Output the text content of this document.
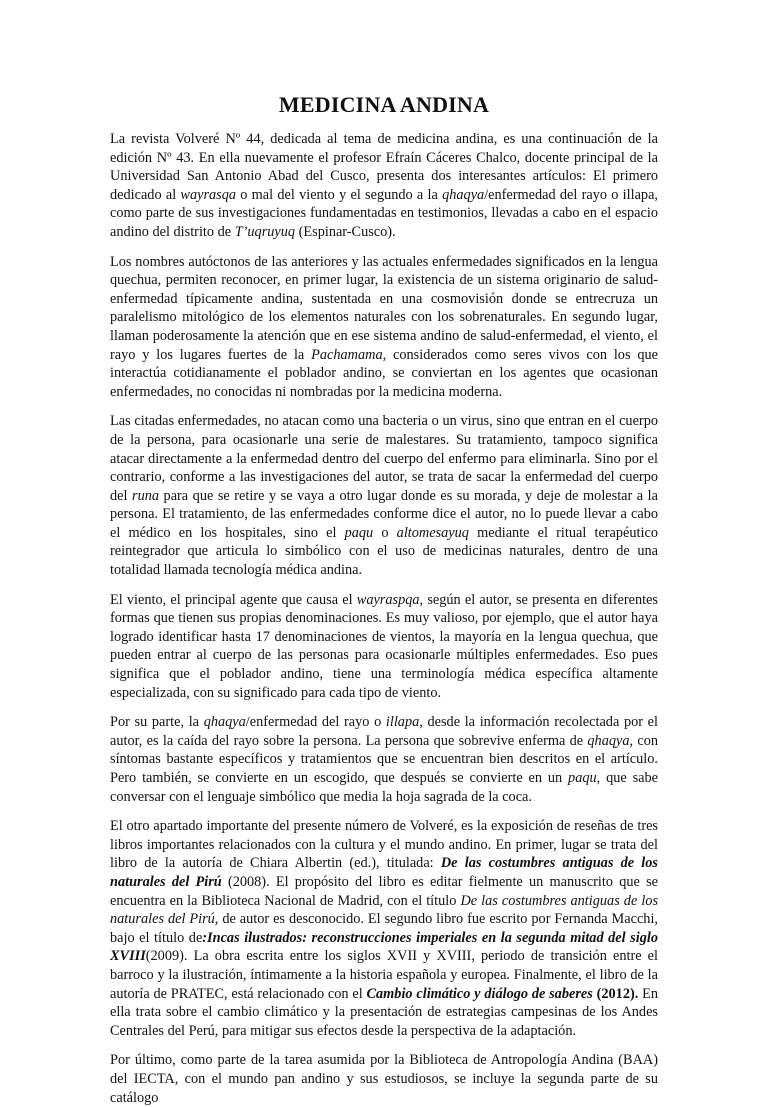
MEDICINA ANDINA

La revista Volveré Nº 44, dedicada al tema de medicina andina, es una continuación de la edición Nº 43. En ella nuevamente el profesor Efraín Cáceres Chalco, docente principal de la Universidad San Antonio Abad del Cusco, presenta dos interesantes artículos: El primero dedicado al wayrasqa o mal del viento y el segundo a la qhaqya/enfermedad del rayo o illapa, como parte de sus investigaciones fundamentadas en testimonios, llevadas a cabo en el espacio andino del distrito de T’uqruyuq (Espinar-Cusco).

Los nombres autóctonos de las anteriores y las actuales enfermedades significados en la lengua quechua, permiten reconocer, en primer lugar, la existencia de un sistema originario de salud-enfermedad típicamente andina, sustentada en una cosmovisión donde se entrecruza un paralelismo mitológico de los elementos naturales con los sobrenaturales. En segundo lugar, llaman poderosamente la atención que en ese sistema andino de salud-enfermedad, el viento, el rayo y los lugares fuertes de la Pachamama, considerados como seres vivos con los que interactúa cotidianamente el poblador andino, se conviertan en los agentes que ocasionan enfermedades, no conocidas ni nombradas por la medicina moderna.

Las citadas enfermedades, no atacan como una bacteria o un virus, sino que entran en el cuerpo de la persona, para ocasionarle una serie de malestares. Su tratamiento, tampoco significa atacar directamente a la enfermedad dentro del cuerpo del enfermo para eliminarla. Sino por el contrario, conforme a las investigaciones del autor, se trata de sacar la enfermedad del cuerpo del runa para que se retire y se vaya a otro lugar donde es su morada, y deje de molestar a la persona. El tratamiento, de las enfermedades conforme dice el autor, no lo puede llevar a cabo el médico en los hospitales, sino el paqu o altomesayuq mediante el ritual terapéutico reintegrador que articula lo simbólico con el uso de medicinas naturales, dentro de una totalidad llamada tecnología médica andina.

El viento, el principal agente que causa el wayraspqa, según el autor, se presenta en diferentes formas que tienen sus propias denominaciones. Es muy valioso, por ejemplo, que el autor haya logrado identificar hasta 17 denominaciones de vientos, la mayoría en la lengua quechua, que pueden entrar al cuerpo de las personas para ocasionarle múltiples enfermedades. Eso pues significa que el poblador andino, tiene una terminología médica específica altamente especializada, con su significado para cada tipo de viento.

Por su parte, la qhaqya/enfermedad del rayo o illapa, desde la información recolectada por el autor, es la caída del rayo sobre la persona. La persona que sobrevive enferma de qhaqya, con síntomas bastante específicos y tratamientos que se encuentran bien descritos en el artículo. Pero también, se convierte en un escogido, que después se convierte en un paqu, que sabe conversar con el lenguaje simbólico que media la hoja sagrada de la coca.

El otro apartado importante del presente número de Volveré, es la exposición de reseñas de tres libros importantes relacionados con la cultura y el mundo andino. En primer, lugar se trata del libro de la autoría de Chiara Albertin (ed.), titulada: De las costumbres antiguas de los naturales del Pirú (2008). El propósito del libro es editar fielmente un manuscrito que se encuentra en la Biblioteca Nacional de Madrid, con el título De las costumbres antiguas de los naturales del Pirú, de autor es desconocido. El segundo libro fue escrito por Fernanda Macchi, bajo el título de:Incas ilustrados: reconstrucciones imperiales en la segunda mitad del siglo XVIII(2009). La obra escrita entre los siglos XVII y XVIII, periodo de transición entre el barroco y la ilustración, íntimamente a la historia española y europea. Finalmente, el libro de la autoría de PRATEC, está relacionado con el Cambio climático y diálogo de saberes (2012). En ella trata sobre el cambio climático y la presentación de estrategias campesinas de los Andes Centrales del Perú, para mitigar sus efectos desde la perspectiva de la adaptación.

Por último, como parte de la tarea asumida por la Biblioteca de Antropología Andina (BAA) del IECTA, con el mundo pan andino y sus estudiosos, se incluye la segunda parte de su catálogo
